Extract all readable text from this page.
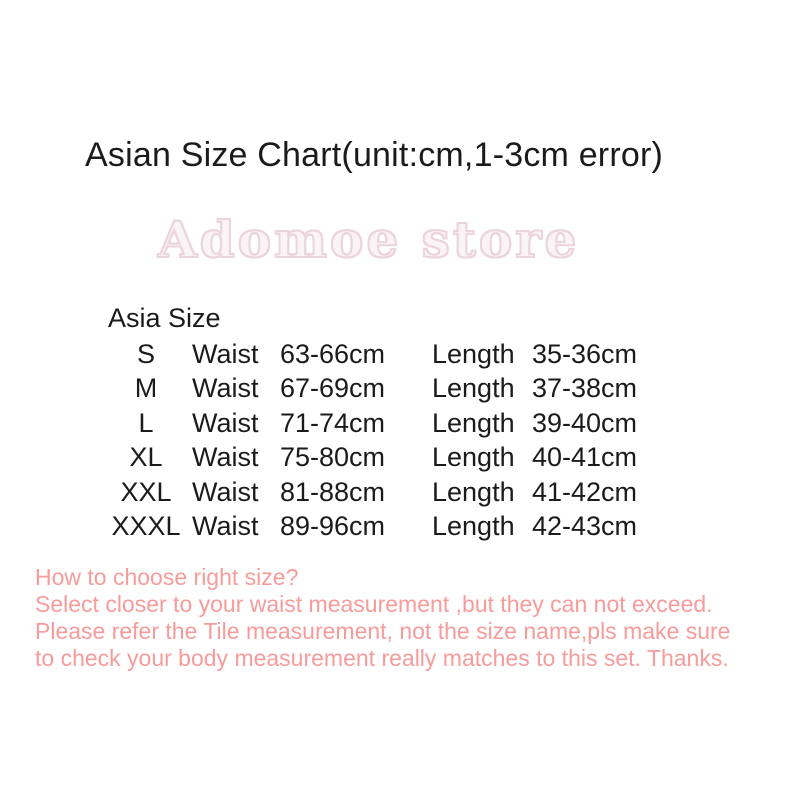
Asian Size Chart(unit:cm,1-3cm error)
Adomoe store

Asia Size

S	Waist 63-66cm	Length 35-36cm
M	Waist 67-69cm	Length 37-38cm
L	Waist 71-74cm	Length 39-40cm
XL	Waist 75-80cm	Length 40-41cm
XXL Waist 81-88cm	Length 41-42cm
XXXL Waist 89-96cm	Length 42-43cm

How to choose right size?

Select closer to your waist measurement ,but they can not exceed.

Please refer the Tile measurement, not the size name,pls make sure

to check your body measurement really matches to this set. Thanks.
